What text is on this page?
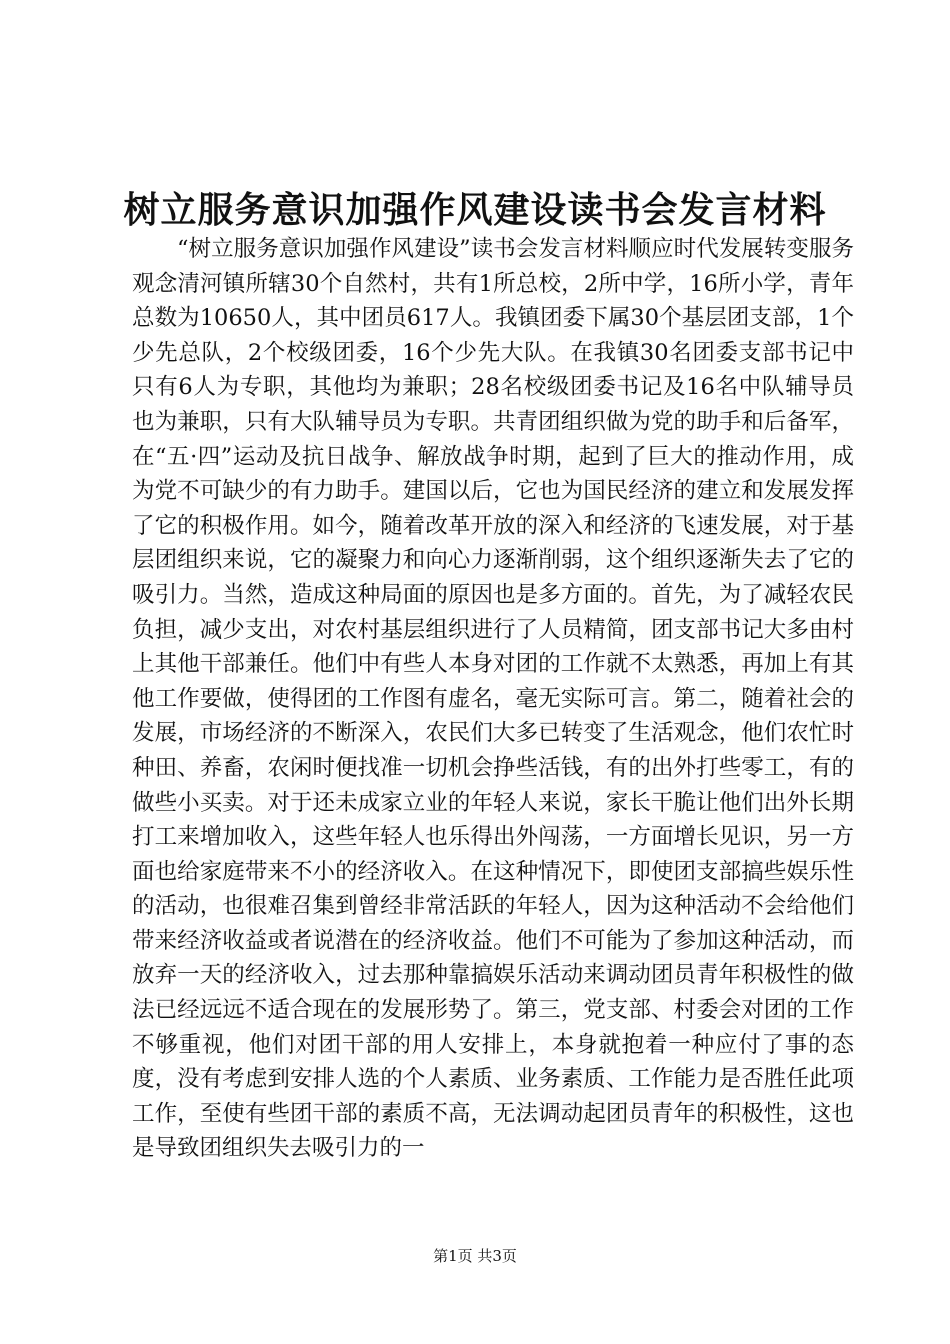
树立服务意识加强作风建设读书会发言材料

“树立服务意识加强作风建设”读书会发言材料顺应时代发展转变服务观念清河镇所辖30个自然村，共有1所总校，2所中学，16所小学，青年总数为10650人，其中团员617人。我镇团委下属30个基层团支部，1个少先总队，2个校级团委，16个少先大队。在我镇30名团委支部书记中只有6人为专职，其他均为兼职；28名校级团委书记及16名中队辅导员也为兼职，只有大队辅导员为专职。共青团组织做为党的助手和后备军，在“五·四”运动及抗日战争、解放战争时期，起到了巨大的推动作用，成为党不可缺少的有力助手。建国以后，它也为国民经济的建立和发展发挥了它的积极作用。如今，随着改革开放的深入和经济的飞速发展，对于基层团组织来说，它的凝聚力和向心力逐渐削弱，这个组织逐渐失去了它的吸引力。当然，造成这种局面的原因也是多方面的。首先，为了减轻农民负担，减少支出，对农村基层组织进行了人员精简，团支部书记大多由村上其他干部兼任。他们中有些人本身对团的工作就不太熟悉，再加上有其他工作要做，使得团的工作图有虚名，毫无实际可言。第二，随着社会的发展，市场经济的不断深入，农民们大多已转变了生活观念，他们农忙时种田、养畜，农闲时便找准一切机会挣些活钱，有的出外打些零工，有的做些小买卖。对于还未成家立业的年轻人来说，家长干脆让他们出外长期打工来增加收入，这些年轻人也乐得出外闯荡，一方面增长见识，另一方面也给家庭带来不小的经济收入。在这种情况下，即使团支部搞些娱乐性的活动，也很难召集到曾经非常活跃的年轻人，因为这种活动不会给他们带来经济收益或者说潜在的经济收益。他们不可能为了参加这种活动，而放弃一天的经济收入，过去那种靠搞娱乐活动来调动团员青年积极性的做法已经远远不适合现在的发展形势了。第三，党支部、村委会对团的工作不够重视，他们对团干部的用人安排上，本身就抱着一种应付了事的态度，没有考虑到安排人选的个人素质、业务素质、工作能力是否胜任此项工作，至使有些团干部的素质不高，无法调动起团员青年的积极性，这也是导致团组织失去吸引力的一

第1页 共3页
